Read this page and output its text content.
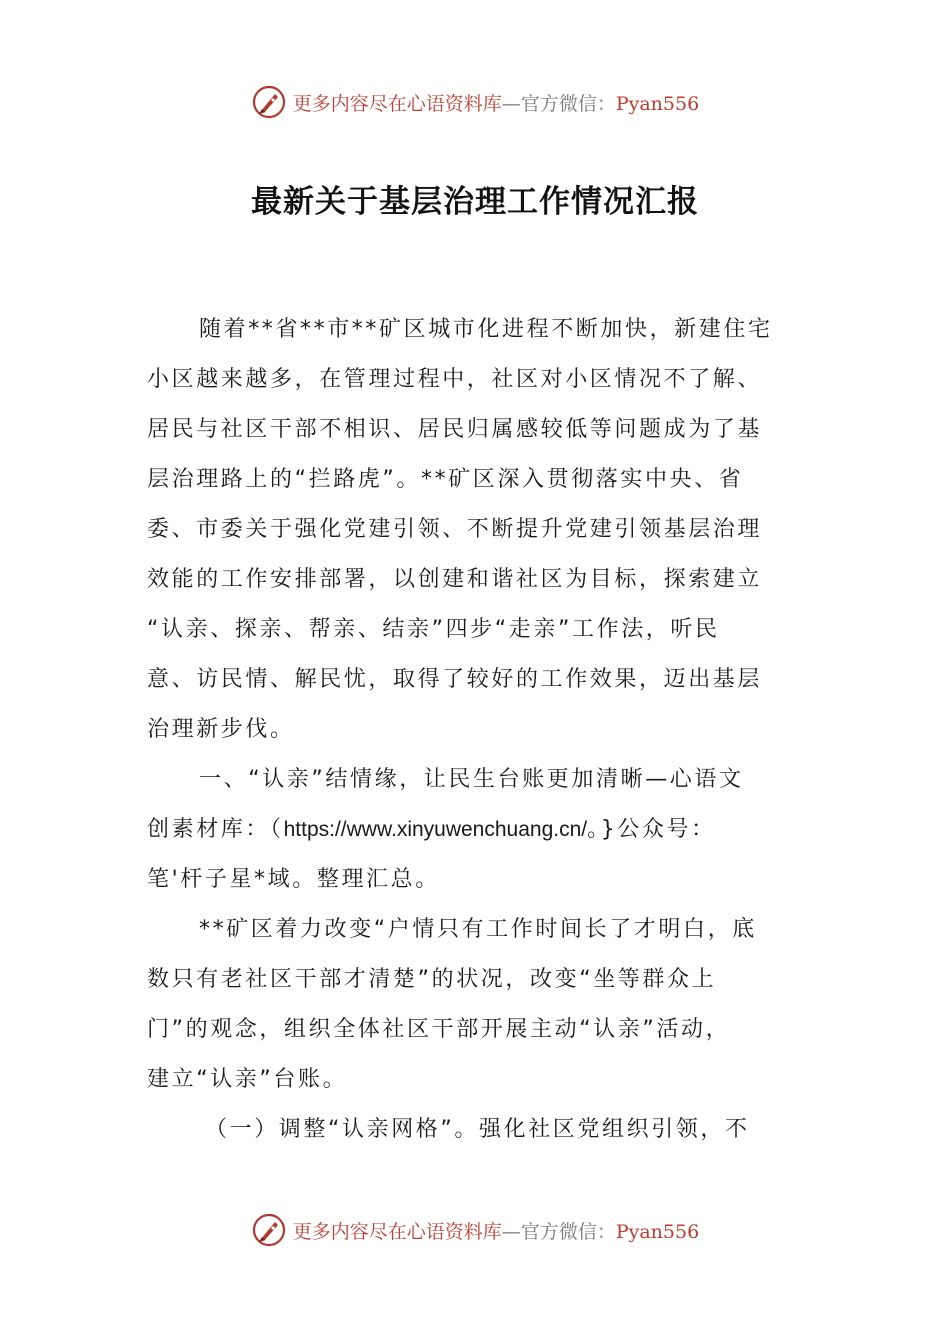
更多内容尽在心语资料库—官方微信：Pyan556
最新关于基层治理工作情况汇报
随着**省**市**矿区城市化进程不断加快，新建住宅
小区越来越多，在管理过程中，社区对小区情况不了解、
居民与社区干部不相识、居民归属感较低等问题成为了基
层治理路上的“拦路虎”。**矿区深入贯彻落实中央、省
委、市委关于强化党建引领、不断提升党建引领基层治理
效能的工作安排部署，以创建和谐社区为目标，探索建立
“认亲、探亲、帮亲、结亲”四步“走亲”工作法，听民
意、访民情、解民忧，取得了较好的工作效果，迈出基层
治理新步伐。
一、“认亲”结情缘，让民生台账更加清晰—心语文
创素材库：（https://www.xinyuwenchuang.cn/。}公众号：
笔'杆子星*域。整理汇总。
**矿区着力改变“户情只有工作时间长了才明白，底
数只有老社区干部才清楚”的状况，改变“坐等群众上
门”的观念，组织全体社区干部开展主动“认亲”活动，
建立“认亲”台账。
（一）调整“认亲网格”。强化社区党组织引领，不
更多内容尽在心语资料库—官方微信：Pyan556
